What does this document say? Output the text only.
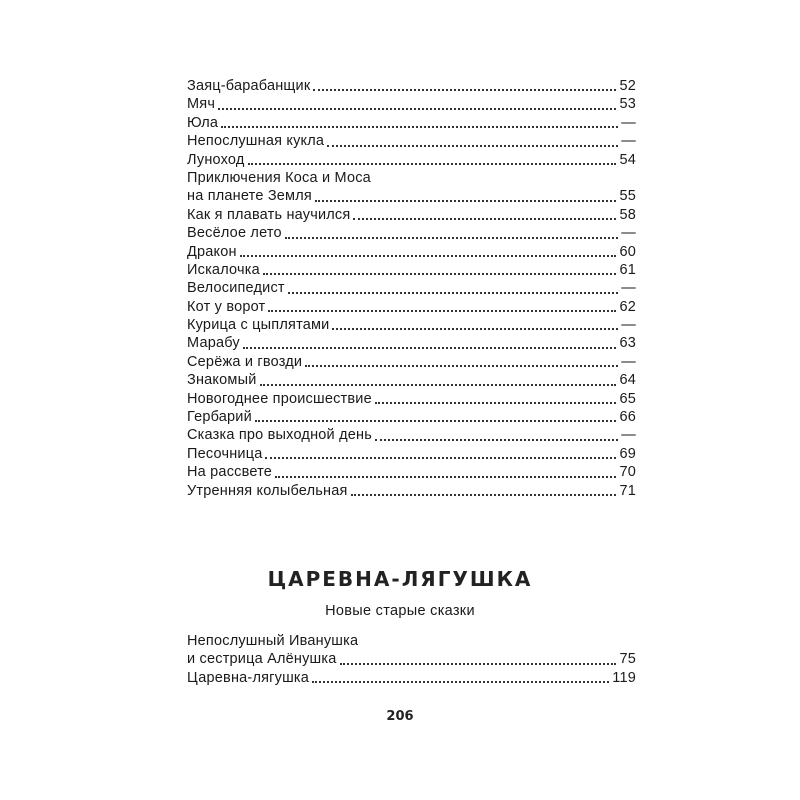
Заяц-барабанщик	52
Мяч	53
Юла	—
Непослушная кукла	—
Луноход	54
Приключения Коса и Моса
на планете Земля	55
Как я плавать научился	58
Весёлое лето	—
Дракон	60
Искалочка	61
Велосипедист	—
Кот у ворот	62
Курица с цыплятами	—
Марабу	63
Серёжа и гвозди	—
Знакомый	64
Новогоднее происшествие	65
Гербарий	66
Сказка про выходной день	—
Песочница	69
На рассвете	70
Утренняя колыбельная	71
ЦАРЕВНА-ЛЯГУШКА
Новые старые сказки
Непослушный Иванушка
и сестрица Алёнушка	75
Царевна-лягушка	119
206
